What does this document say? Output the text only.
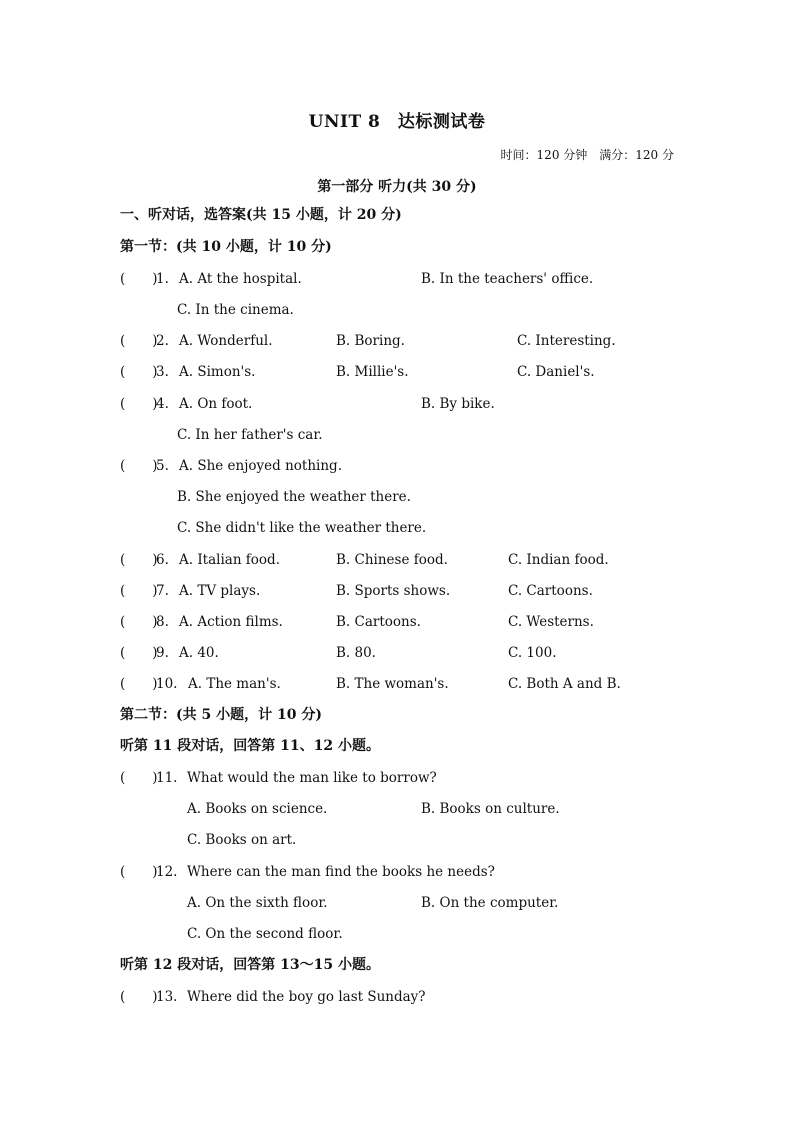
UNIT 8　达标测试卷
时间：120 分钟　满分：120 分
第一部分 听力(共 30 分)
一、听对话，选答案(共 15 小题，计 20 分)
第一节：(共 10 小题，计 10 分)
(　　)
1. A. At the hospital.	B. In the teachers' office.
C. In the cinema.
(　　)
2. A. Wonderful.	B. Boring.	C. Interesting.
(　　)
3. A. Simon's.	B. Millie's.	C. Daniel's.
(　　)
4. A. On foot.	B. By bike.
C. In her father's car.
(　　)
5. A. She enjoyed nothing.
B. She enjoyed the weather there.
C. She didn't like the weather there.
(　　)
6. A. Italian food.	B. Chinese food.	C. Indian food.
(　　)
7. A. TV plays.	B. Sports shows.	C. Cartoons.
(　　)
8. A. Action films.	B. Cartoons.	C. Westerns.
(　　)
9. A. 40.	B. 80.	C. 100.
(　　)
10. A. The man's.	B. The woman's.	C. Both A and B.
第二节：(共 5 小题，计 10 分)
听第 11 段对话，回答第 11、12 小题。
(　　)
11. What would the man like to borrow?
A. Books on science.	B. Books on culture.
C. Books on art.
(　　)
12. Where can the man find the books he needs?
A. On the sixth floor.	B. On the computer.
C. On the second floor.
听第 12 段对话，回答第 13～15 小题。
(　　)
13. Where did the boy go last Sunday?
